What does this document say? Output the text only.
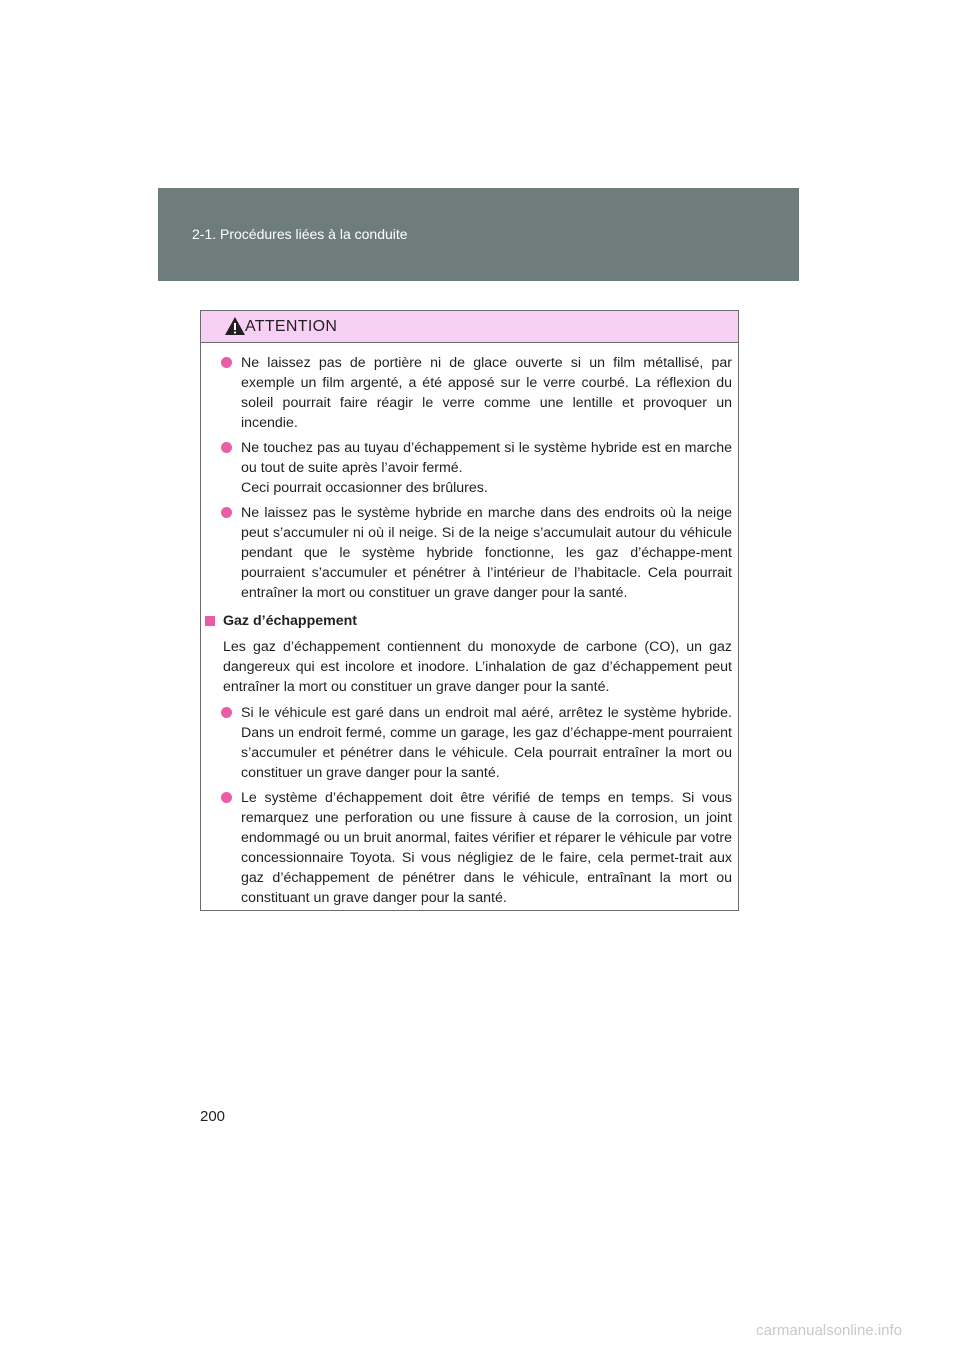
2-1. Procédures liées à la conduite
ATTENTION
Ne laissez pas de portière ni de glace ouverte si un film métallisé, par exemple un film argenté, a été apposé sur le verre courbé. La réflexion du soleil pourrait faire réagir le verre comme une lentille et provoquer un incendie.
Ne touchez pas au tuyau d’échappement si le système hybride est en marche ou tout de suite après l’avoir fermé.
Ceci pourrait occasionner des brûlures.
Ne laissez pas le système hybride en marche dans des endroits où la neige peut s’accumuler ni où il neige. Si de la neige s’accumulait autour du véhicule pendant que le système hybride fonctionne, les gaz d’échappe-ment pourraient s’accumuler et pénétrer à l’intérieur de l’habitacle. Cela pourrait entraîner la mort ou constituer un grave danger pour la santé.
Gaz d’échappement
Les gaz d’échappement contiennent du monoxyde de carbone (CO), un gaz dangereux qui est incolore et inodore. L’inhalation de gaz d’échappement peut entraîner la mort ou constituer un grave danger pour la santé.
Si le véhicule est garé dans un endroit mal aéré, arrêtez le système hybride. Dans un endroit fermé, comme un garage, les gaz d’échappe-ment pourraient s’accumuler et pénétrer dans le véhicule. Cela pourrait entraîner la mort ou constituer un grave danger pour la santé.
Le système d’échappement doit être vérifié de temps en temps. Si vous remarquez une perforation ou une fissure à cause de la corrosion, un joint endommagé ou un bruit anormal, faites vérifier et réparer le véhicule par votre concessionnaire Toyota. Si vous négligiez de le faire, cela permet-trait aux gaz d’échappement de pénétrer dans le véhicule, entraînant la mort ou constituant un grave danger pour la santé.
200
carmanualsonline.info
